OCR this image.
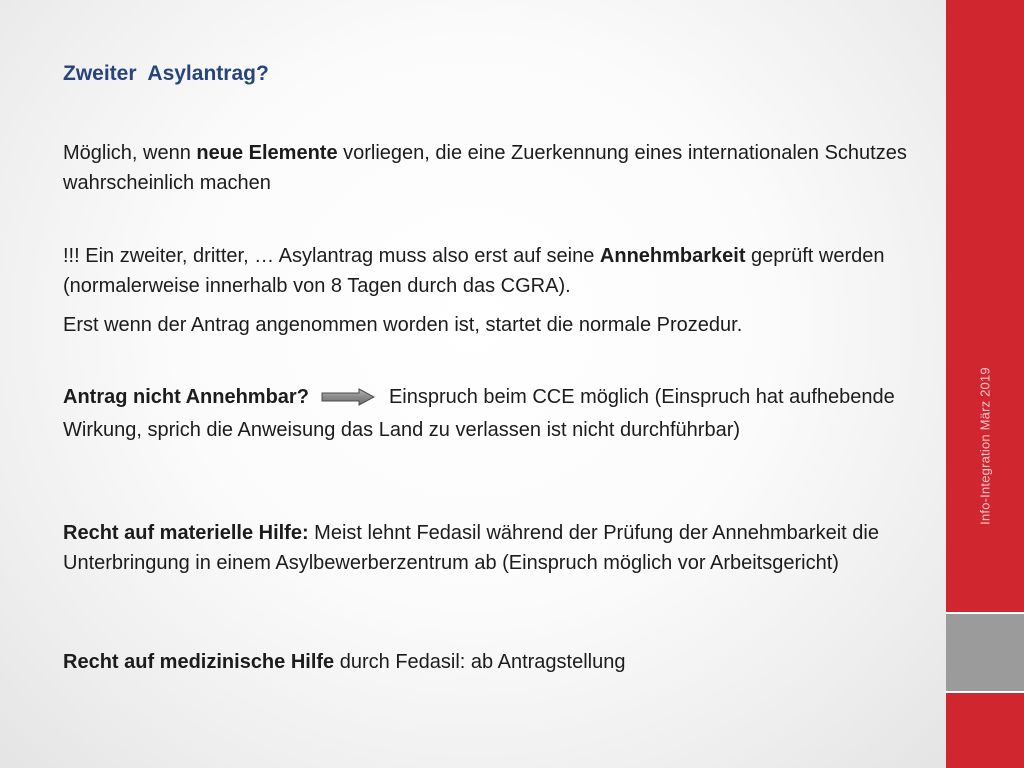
Info-Integration März 2019
Zweiter  Asylantrag?

Möglich, wenn neue Elemente vorliegen, die eine Zuerkennung eines internationalen Schutzes wahrscheinlich machen

!!! Ein zweiter, dritter, … Asylantrag muss also erst auf seine Annehmbarkeit geprüft werden (normalerweise innerhalb von 8 Tagen durch das CGRA).

Erst wenn der Antrag angenommen worden ist, startet die normale Prozedur.

Antrag nicht Annehmbar?	Einspruch beim CCE möglich (Einspruch hat aufhebende Wirkung, sprich die Anweisung das Land zu verlassen ist nicht durchführbar)

Recht auf materielle Hilfe: Meist lehnt Fedasil während der Prüfung der Annehmbarkeit die Unterbringung in einem Asylbewerberzentrum ab (Einspruch möglich vor Arbeitsgericht)

Recht auf medizinische Hilfe durch Fedasil: ab Antragstellung
